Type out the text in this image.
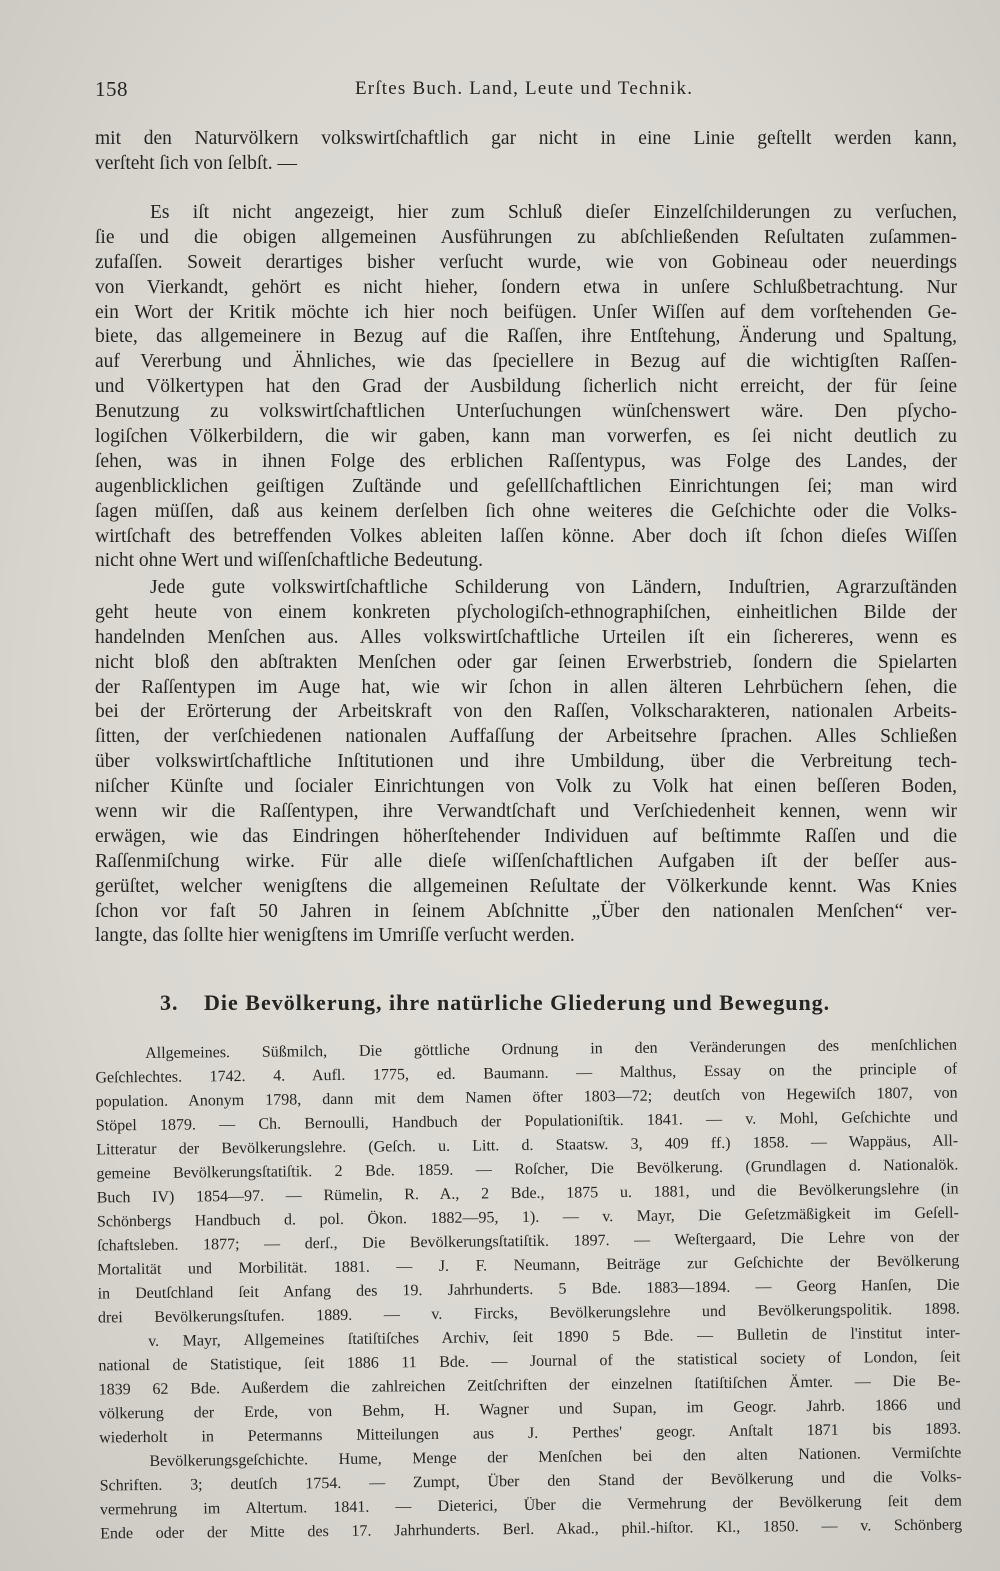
158	Erſtes Buch. Land, Leute und Technik.
mit den Naturvölkern volkswirtſchaftlich gar nicht in eine Linie geſtellt werden kann,
verſteht ſich von ſelbſt. —
Es iſt nicht angezeigt, hier zum Schluß dieſer Einzelſchilderungen zu verſuchen,
ſie und die obigen allgemeinen Ausführungen zu abſchließenden Reſultaten zuſammen-
zufaſſen. Soweit derartiges bisher verſucht wurde, wie von Gobineau oder neuerdings
von Vierkandt, gehört es nicht hieher, ſondern etwa in unſere Schlußbetrachtung. Nur
ein Wort der Kritik möchte ich hier noch beifügen. Unſer Wiſſen auf dem vorſtehenden Ge-
biete, das allgemeinere in Bezug auf die Raſſen, ihre Entſtehung, Änderung und Spaltung,
auf Vererbung und Ähnliches, wie das ſpeciellere in Bezug auf die wichtigſten Raſſen-
und Völkertypen hat den Grad der Ausbildung ſicherlich nicht erreicht, der für ſeine
Benutzung zu volkswirtſchaftlichen Unterſuchungen wünſchenswert wäre. Den pſycho-
logiſchen Völkerbildern, die wir gaben, kann man vorwerfen, es ſei nicht deutlich zu
ſehen, was in ihnen Folge des erblichen Raſſentypus, was Folge des Landes, der
augenblicklichen geiſtigen Zuſtände und geſellſchaftlichen Einrichtungen ſei; man wird
ſagen müſſen, daß aus keinem derſelben ſich ohne weiteres die Geſchichte oder die Volks-
wirtſchaft des betreffenden Volkes ableiten laſſen könne. Aber doch iſt ſchon dieſes Wiſſen
nicht ohne Wert und wiſſenſchaftliche Bedeutung.
Jede gute volkswirtſchaftliche Schilderung von Ländern, Induſtrien, Agrarzuſtänden
geht heute von einem konkreten pſychologiſch-ethnographiſchen, einheitlichen Bilde der
handelnden Menſchen aus. Alles volkswirtſchaftliche Urteilen iſt ein ſichereres, wenn es
nicht bloß den abſtrakten Menſchen oder gar ſeinen Erwerbstrieb, ſondern die Spielarten
der Raſſentypen im Auge hat, wie wir ſchon in allen älteren Lehrbüchern ſehen, die
bei der Erörterung der Arbeitskraft von den Raſſen, Volkscharakteren, nationalen Arbeits-
ſitten, der verſchiedenen nationalen Auffaſſung der Arbeitsehre ſprachen. Alles Schließen
über volkswirtſchaftliche Inſtitutionen und ihre Umbildung, über die Verbreitung tech-
niſcher Künſte und ſocialer Einrichtungen von Volk zu Volk hat einen beſſeren Boden,
wenn wir die Raſſentypen, ihre Verwandtſchaft und Verſchiedenheit kennen, wenn wir
erwägen, wie das Eindringen höherſtehender Individuen auf beſtimmte Raſſen und die
Raſſenmiſchung wirke. Für alle dieſe wiſſenſchaftlichen Aufgaben iſt der beſſer aus-
gerüſtet, welcher wenigſtens die allgemeinen Reſultate der Völkerkunde kennt. Was Knies
ſchon vor faſt 50 Jahren in ſeinem Abſchnitte „Über den nationalen Menſchen“ ver-
langte, das ſollte hier wenigſtens im Umriſſe verſucht werden.
3. Die Bevölkerung, ihre natürliche Gliederung und Bewegung.
Allgemeines. Süßmilch, Die göttliche Ordnung in den Veränderungen des menſchlichen
Geſchlechtes. 1742. 4. Aufl. 1775, ed. Baumann. — Malthus, Essay on the principle of
population. Anonym 1798, dann mit dem Namen öfter 1803—72; deutſch von Hegewiſch 1807, von
Stöpel 1879. — Ch. Bernoulli, Handbuch der Populationiſtik. 1841. — v. Mohl, Geſchichte und
Litteratur der Bevölkerungslehre. (Geſch. u. Litt. d. Staatsw. 3, 409 ff.) 1858. — Wappäus, All-
gemeine Bevölkerungsſtatiſtik. 2 Bde. 1859. — Roſcher, Die Bevölkerung. (Grundlagen d. Nationalök.
Buch IV) 1854—97. — Rümelin, R. A., 2 Bde., 1875 u. 1881, und die Bevölkerungslehre (in
Schönbergs Handbuch d. pol. Ökon. 1882—95, 1). — v. Mayr, Die Geſetzmäßigkeit im Geſell-
ſchaftsleben. 1877; — derſ., Die Bevölkerungsſtatiſtik. 1897. — Weſtergaard, Die Lehre von der
Mortalität und Morbilität. 1881. — J. F. Neumann, Beiträge zur Geſchichte der Bevölkerung
in Deutſchland ſeit Anfang des 19. Jahrhunderts. 5 Bde. 1883—1894. — Georg Hanſen, Die
drei Bevölkerungsſtufen. 1889. — v. Fircks, Bevölkerungslehre und Bevölkerungspolitik. 1898.
v. Mayr, Allgemeines ſtatiſtiſches Archiv, ſeit 1890 5 Bde. — Bulletin de l'institut inter-
national de Statistique, ſeit 1886 11 Bde. — Journal of the statistical society of London, ſeit
1839 62 Bde. Außerdem die zahlreichen Zeitſchriften der einzelnen ſtatiſtiſchen Ämter. — Die Be-
völkerung der Erde, von Behm, H. Wagner und Supan, im Geogr. Jahrb. 1866 und
wiederholt in Petermanns Mitteilungen aus J. Perthes' geogr. Anſtalt 1871 bis 1893.
Bevölkerungsgeſchichte. Hume, Menge der Menſchen bei den alten Nationen. Vermiſchte
Schriften. 3; deutſch 1754. — Zumpt, Über den Stand der Bevölkerung und die Volks-
vermehrung im Altertum. 1841. — Dieterici, Über die Vermehrung der Bevölkerung ſeit dem
Ende oder der Mitte des 17. Jahrhunderts. Berl. Akad., phil.-hiſtor. Kl., 1850. — v. Schönberg
